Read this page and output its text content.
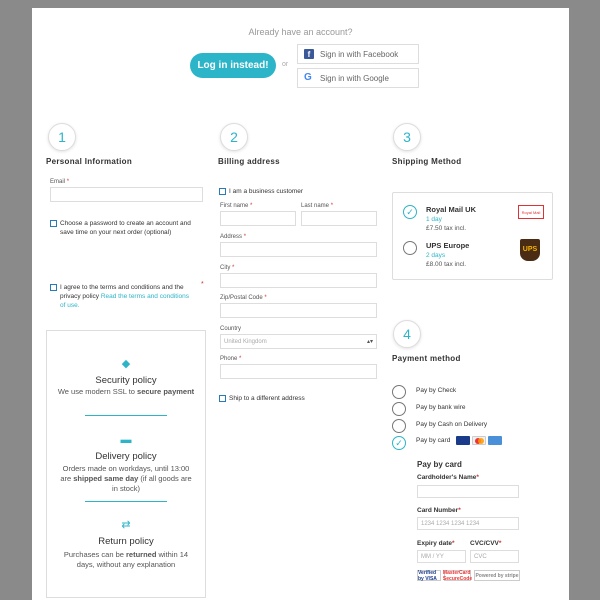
Already have an account?
Log in instead!	or
f	Sign in with Facebook
G Sign in with Google
1
Personal Information
Email *
Choose a password to create an account and save time on your next order (optional)
I agree to the terms and conditions and the privacy policy Read the terms and conditions of use.
*
◆
Security policy
We use modern SSL to secure payment
▬
Delivery policy
Orders made on workdays, until 13:00 are shipped same day (if all goods are in stock)
⇄
Return policy
Purchases can be returned within 14 days, without any explanation
2
Billing address
I am a business customer
First name *	Last name *
Address *
City *
Zip/Postal Code *
Country
United Kingdom	▴▾
Phone *
Ship to a different address
3
Shipping Method
✓	Royal Mail UK
1 day
£7.50 tax incl.
Royal Mail
UPS Europe
2 days
£8.00 tax incl.
UPS
4
Payment method
Pay by Check
Pay by bank wire
Pay by Cash on Delivery
✓	Pay by card
Pay by card
Cardholder's Name*
Card Number*
1234 1234 1234 1234
Expiry date*
MM / YY
CVC/CVV*
CVC
Verified by VISA
MasterCard SecureCode Powered by stripe
